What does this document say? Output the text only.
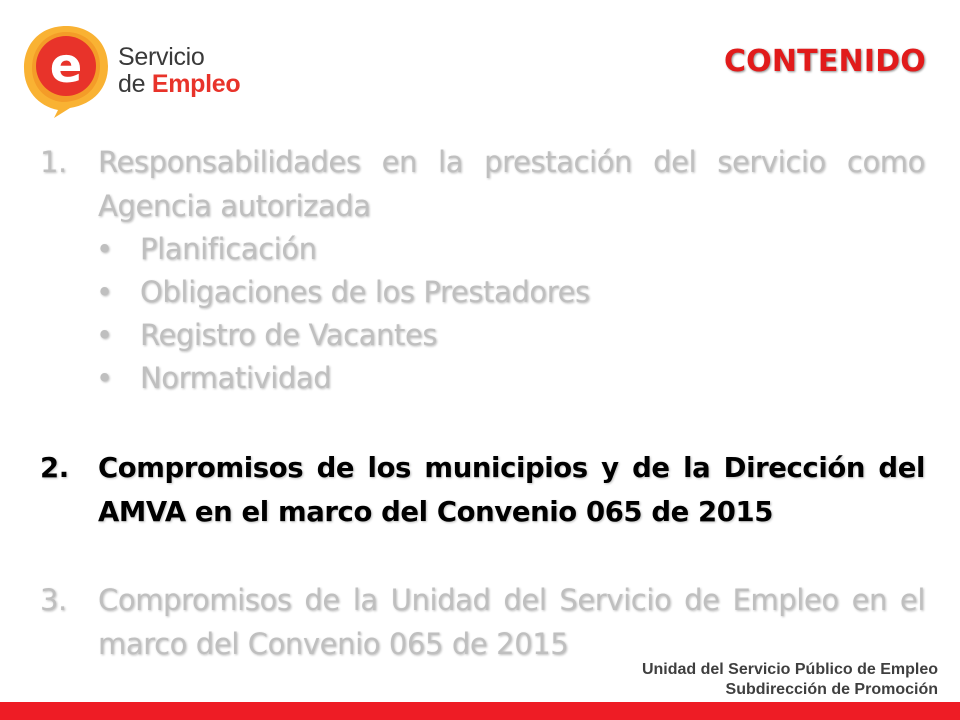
e Servicio
de Empleo
CONTENIDO
1.	Responsabilidades en la prestación del servicio como Agencia autorizada
• Planificación
• Obligaciones de los Prestadores
• Registro de Vacantes
• Normatividad
2.	Compromisos de los municipios y de la Dirección del AMVA en el marco del Convenio 065 de 2015
3.	Compromisos de la Unidad del Servicio de Empleo en el marco del Convenio 065 de 2015
Unidad del Servicio Público de Empleo
Subdirección de Promoción
